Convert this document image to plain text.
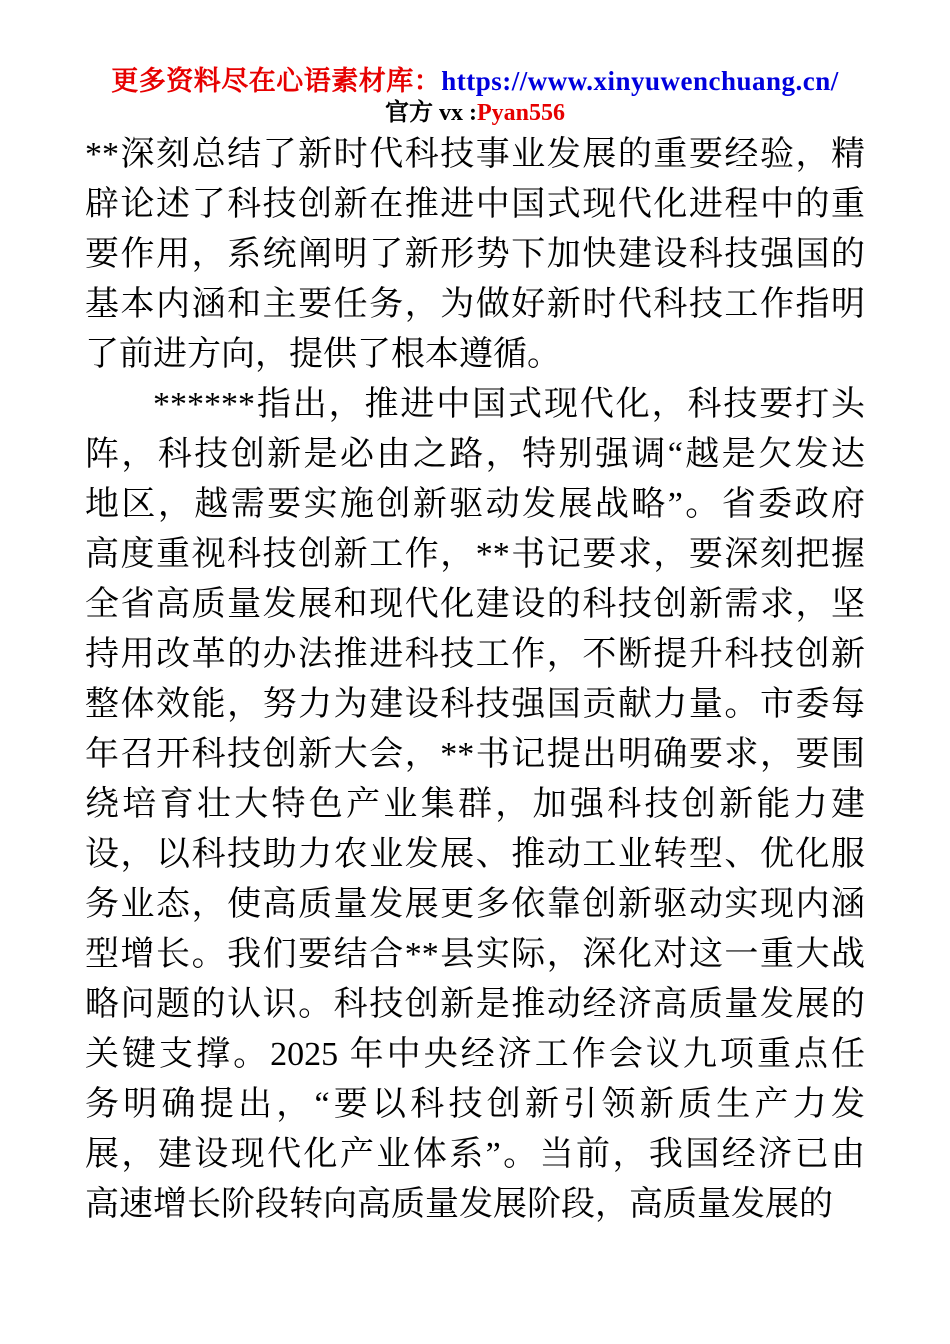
更多资料尽在心语素材库：https://www.xinyuwenchuang.cn/
官方 vx :Pyan556
**深刻总结了新时代科技事业发展的重要经验，精
辟论述了科技创新在推进中国式现代化进程中的重
要作用，系统阐明了新形势下加快建设科技强国的
基本内涵和主要任务，为做好新时代科技工作指明
了前进方向，提供了根本遵循。
******指出，推进中国式现代化，科技要打头
阵，科技创新是必由之路，特别强调“越是欠发达
地区，越需要实施创新驱动发展战略”。省委政府
高度重视科技创新工作，**书记要求，要深刻把握
全省高质量发展和现代化建设的科技创新需求，坚
持用改革的办法推进科技工作，不断提升科技创新
整体效能，努力为建设科技强国贡献力量。市委每
年召开科技创新大会，**书记提出明确要求，要围
绕培育壮大特色产业集群，加强科技创新能力建
设，以科技助力农业发展、推动工业转型、优化服
务业态，使高质量发展更多依靠创新驱动实现内涵
型增长。我们要结合**县实际，深化对这一重大战
略问题的认识。科技创新是推动经济高质量发展的
关键支撑。2025 年中央经济工作会议九项重点任
务明确提出，“要以科技创新引领新质生产力发
展，建设现代化产业体系”。当前，我国经济已由
高速增长阶段转向高质量发展阶段，高质量发展的
